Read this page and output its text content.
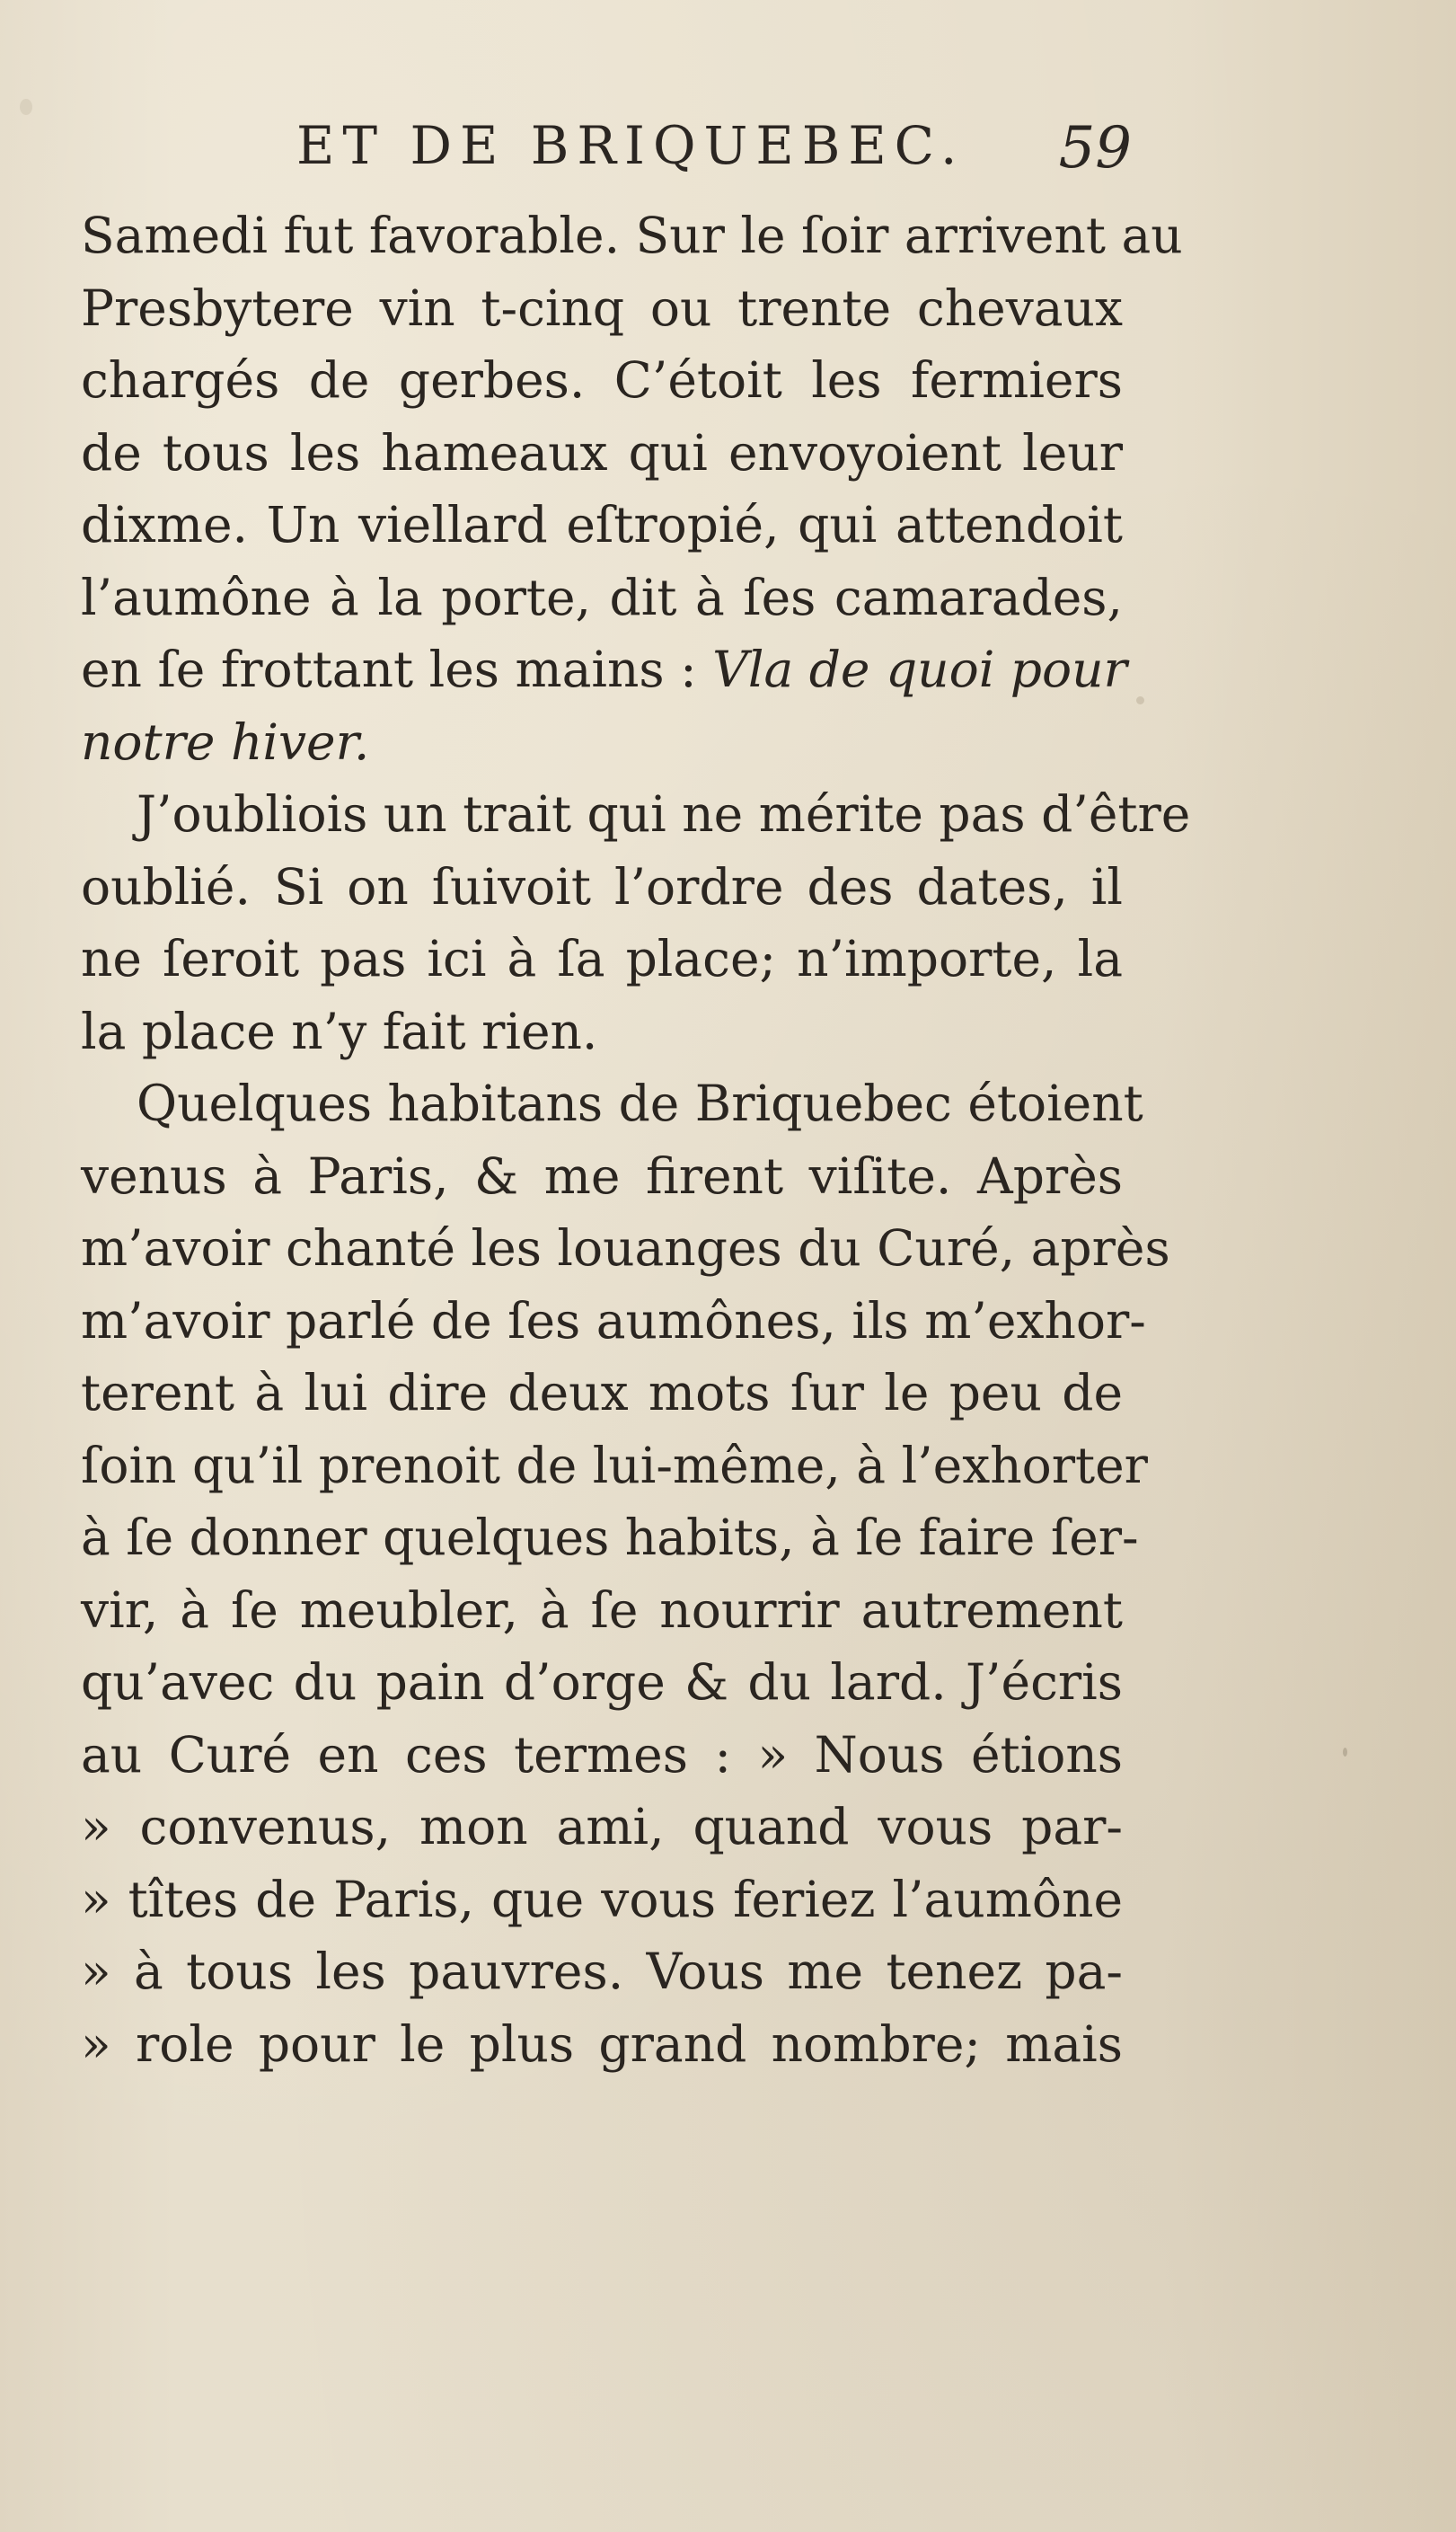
ET DE BRIQUEBEC. 59
Samedi fut favorable. Sur le ſoir arrivent au
Presbytere vin t-cinq ou trente chevaux
chargés de gerbes. C’étoit les fermiers
de tous les hameaux qui envoyoient leur
dixme. Un viellard eſtropié, qui attendoit
l’aumône à la porte, dit à ſes camarades,
en ſe frottant les mains : Vla de quoi pour
notre hiver.
J’oubliois un trait qui ne mérite pas d’être
oublié. Si on ſuivoit l’ordre des dates, il
ne ſeroit pas ici à ſa place; n’importe, la
la place n’y fait rien.
Quelques habitans de Briquebec étoient
venus à Paris, & me firent viſite. Après
m’avoir chanté les louanges du Curé, après
m’avoir parlé de ſes aumônes, ils m’exhor-
terent à lui dire deux mots ſur le peu de
ſoin qu’il prenoit de lui-même, à l’exhorter
à ſe donner quelques habits, à ſe faire ſer-
vir, à ſe meubler, à ſe nourrir autrement
qu’avec du pain d’orge & du lard. J’écris
au Curé en ces termes : » Nous étions
» convenus, mon ami, quand vous par-
» tîtes de Paris, que vous feriez l’aumône
» à tous les pauvres. Vous me tenez pa-
» role pour le plus grand nombre; mais
